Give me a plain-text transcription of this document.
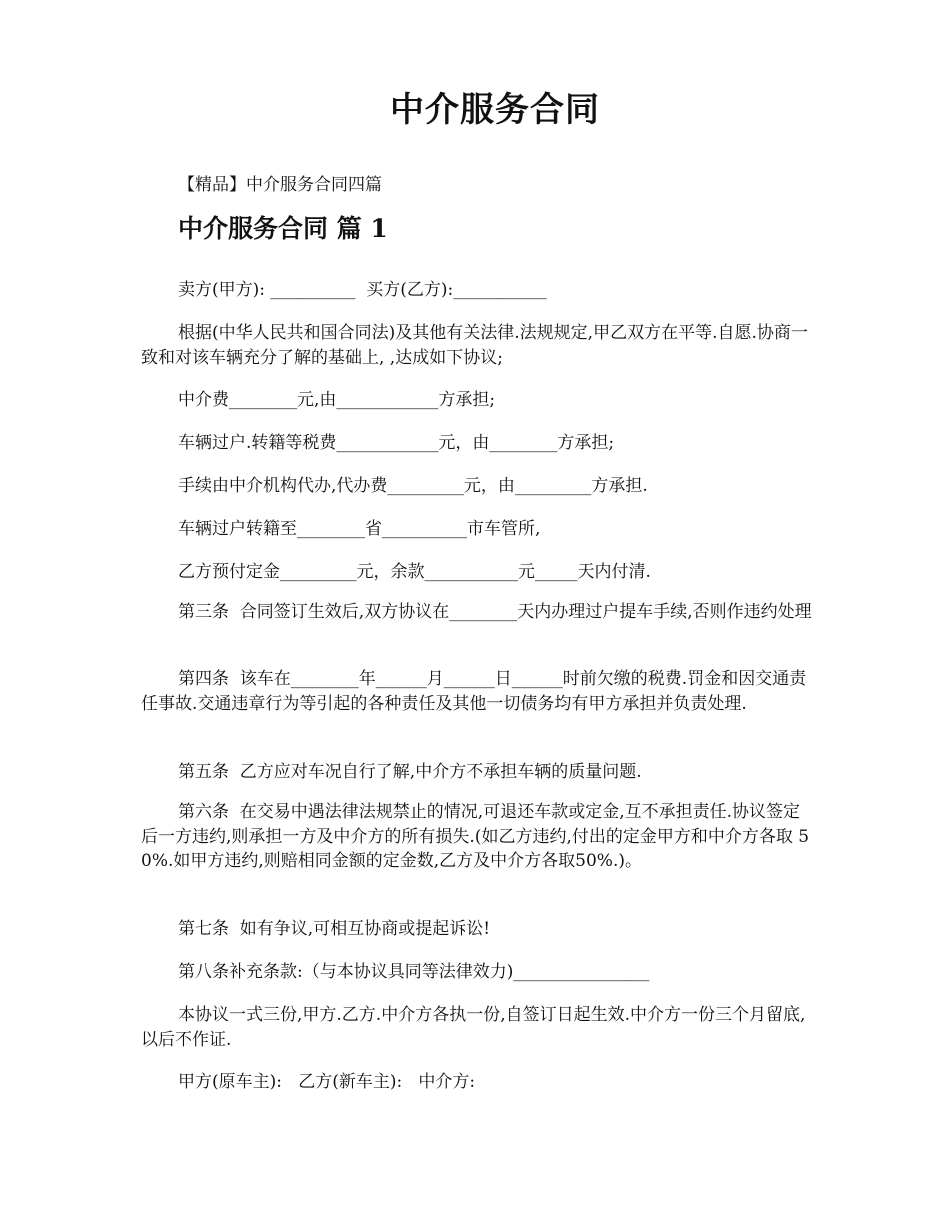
中介服务合同

【精品】中介服务合同四篇

中介服务合同 篇 1

卖方(甲方): __________  买方(乙方):___________

根据(中华人民共和国合同法)及其他有关法律.法规规定,甲乙双方在平等.自愿.协商一致和对该车辆充分了解的基础上, ,达成如下协议;

中介费________元,由____________方承担;

车辆过户.转籍等税费____________元，由________方承担;

手续由中介机构代办,代办费_________元，由_________方承担.

车辆过户转籍至________省__________市车管所,

乙方预付定金_________元，余款___________元_____天内付清.

第三条  合同签订生效后,双方协议在________天内办理过户提车手续,否则作违约处理

第四条  该车在________年______月______日______时前欠缴的税费.罚金和因交通责任事故.交通违章行为等引起的各种责任及其他一切债务均有甲方承担并负责处理.

第五条  乙方应对车况自行了解,中介方不承担车辆的质量问题.

第六条  在交易中遇法律法规禁止的情况,可退还车款或定金,互不承担责任.协议签定后一方违约,则承担一方及中介方的所有损失.(如乙方违约,付出的定金甲方和中介方各取 50%.如甲方违约,则赔相同金额的定金数,乙方及中介方各取50%.)。

第七条  如有争议,可相互协商或提起诉讼!

第八条补充条款:（与本协议具同等法律效力)________________

本协议一式三份,甲方.乙方.中介方各执一份,自签订日起生效.中介方一份三个月留底,以后不作证.

甲方(原车主):   乙方(新车主):   中介方:
